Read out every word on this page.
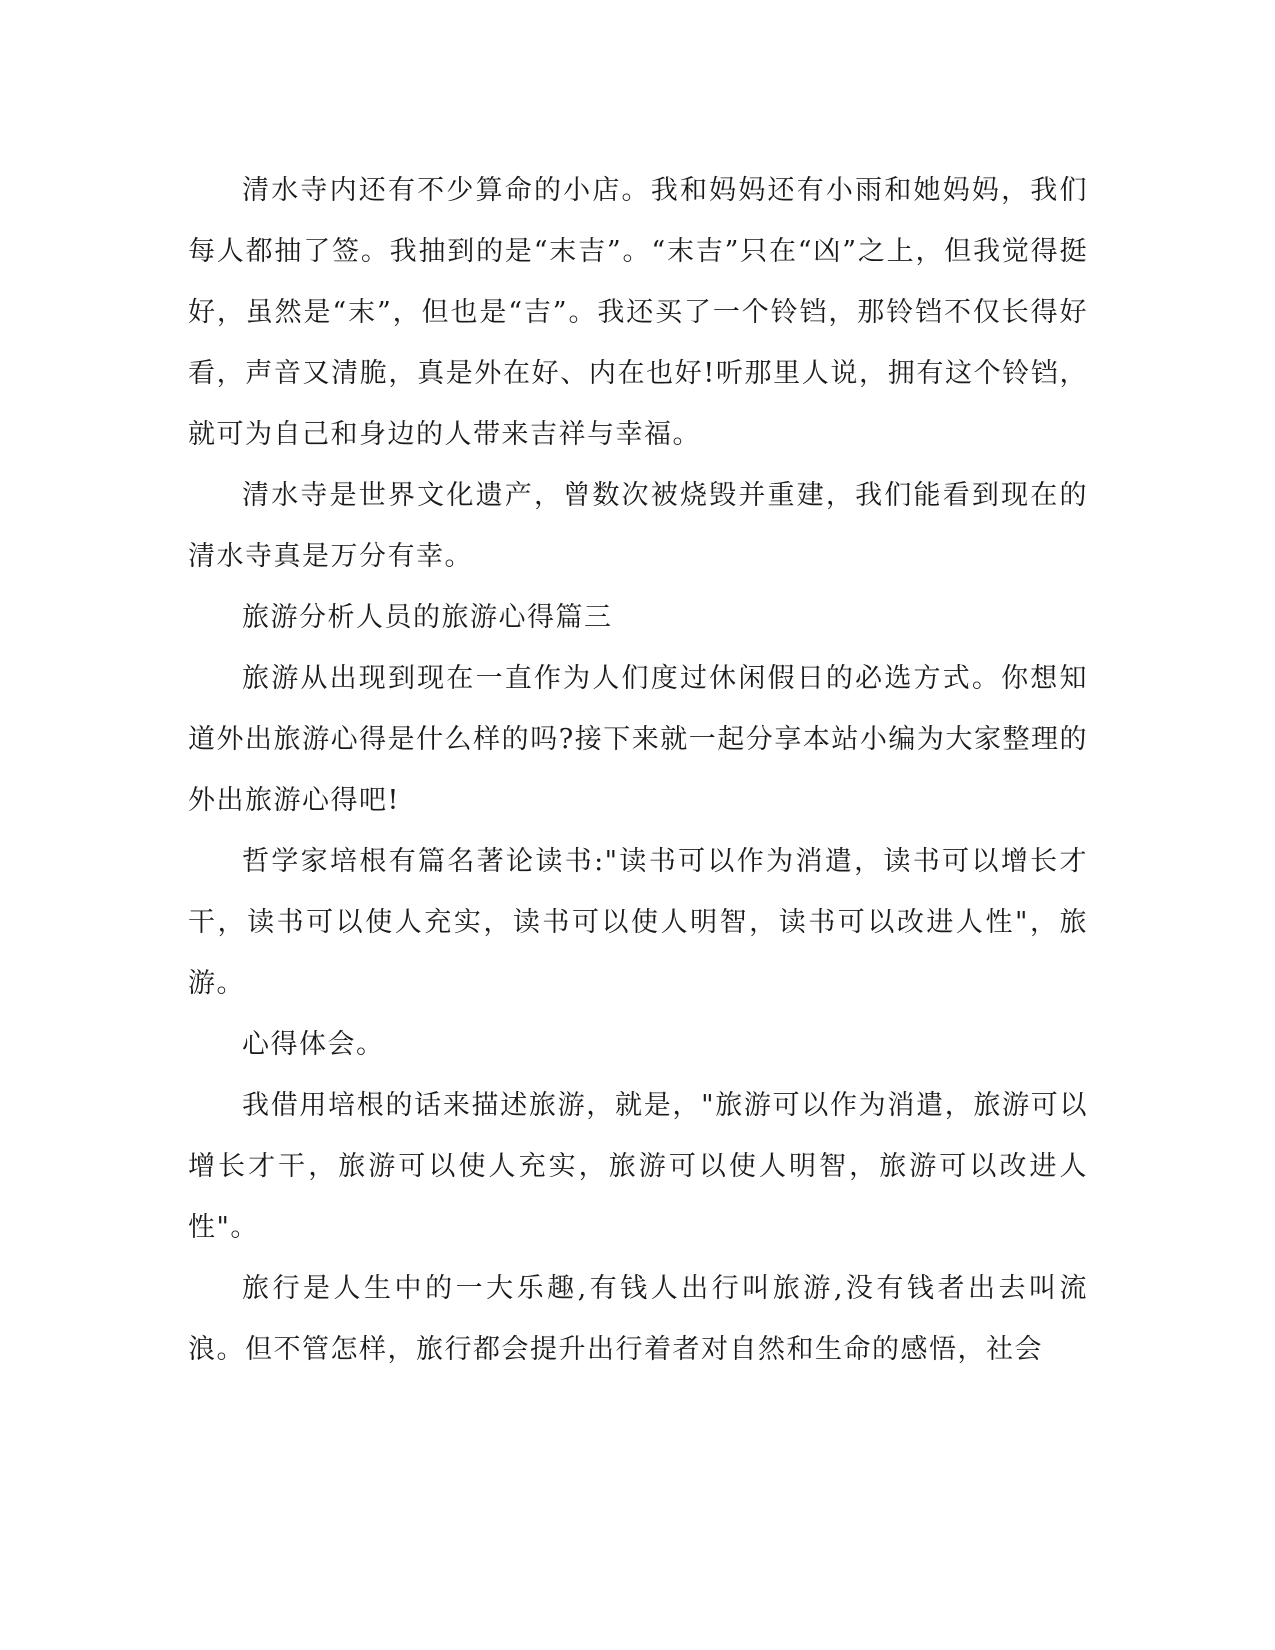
清水寺内还有不少算命的小店。我和妈妈还有小雨和她妈妈，我们每人都抽了签。我抽到的是“末吉”。“末吉”只在“凶”之上，但我觉得挺好，虽然是“末”，但也是“吉”。我还买了一个铃铛，那铃铛不仅长得好看，声音又清脆，真是外在好、内在也好!听那里人说，拥有这个铃铛，就可为自己和身边的人带来吉祥与幸福。

清水寺是世界文化遗产，曾数次被烧毁并重建，我们能看到现在的清水寺真是万分有幸。

旅游分析人员的旅游心得篇三

旅游从出现到现在一直作为人们度过休闲假日的必选方式。你想知道外出旅游心得是什么样的吗?接下来就一起分享本站小编为大家整理的外出旅游心得吧!

哲学家培根有篇名著论读书:"读书可以作为消遣，读书可以增长才干，读书可以使人充实，读书可以使人明智，读书可以改进人性"，旅游。

心得体会。

我借用培根的话来描述旅游，就是，"旅游可以作为消遣，旅游可以增长才干，旅游可以使人充实，旅游可以使人明智，旅游可以改进人性"。

旅行是人生中的一大乐趣,有钱人出行叫旅游,没有钱者出去叫流浪。但不管怎样，旅行都会提升出行着者对自然和生命的感悟，社会
